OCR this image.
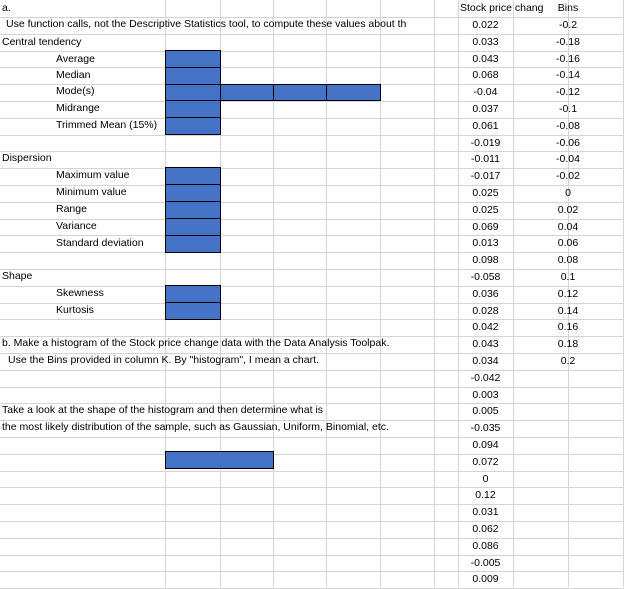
a.
Use function calls, not the Descriptive Statistics tool, to compute these values about th
Central tendency
Average
Median
Mode(s)
Midrange
Trimmed Mean (15%)
Dispersion
Maximum value
Minimum value
Range
Variance
Standard deviation
Shape
Skewness
Kurtosis
b. Make a histogram of the Stock price change data with the Data Analysis Toolpak.
Use the Bins provided in column K. By "histogram", I mean a chart.
Take a look at the shape of the histogram and then determine what is
the most likely distribution of the sample, such as Gaussian, Uniform, Binomial, etc.
Stock price chang	Bins
0.022
0.033
0.043
0.068
-0.04
0.037
0.061
-0.019
-0.011
-0.017
0.025
0.025
0.069
0.013
0.098
-0.058
0.036
0.028
0.042
0.043
0.034
-0.042
0.003
0.005
-0.035
0.094
0.072
0
0.12
0.031
0.062
0.086
-0.005
0.009
-0.2
-0.18
-0.16
-0.14
-0.12
-0.1
-0.08
-0.06
-0.04
-0.02
0
0.02
0.04
0.06
0.08
0.1
0.12
0.14
0.16
0.18
0.2
